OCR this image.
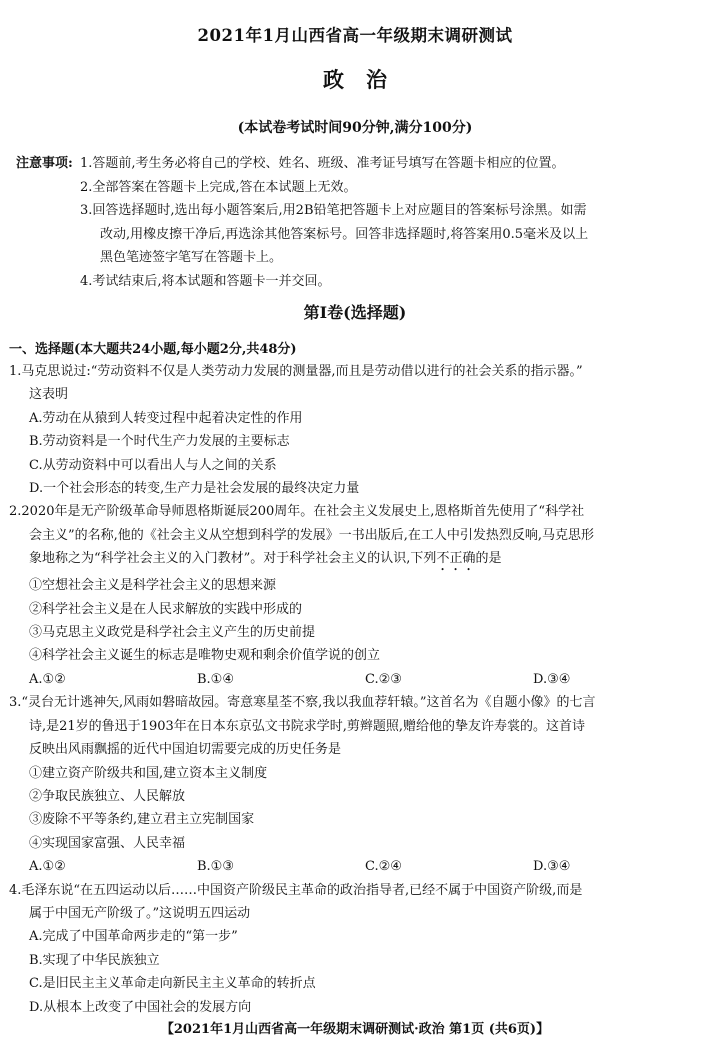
2021年1月山西省高一年级期末调研测试
政治
(本试卷考试时间90分钟,满分100分)
注意事项: 1.答题前,考生务必将自己的学校、姓名、班级、准考证号填写在答题卡相应的位置。
2.全部答案在答题卡上完成,答在本试题上无效。
3.回答选择题时,选出每小题答案后,用2B铅笔把答题卡上对应题目的答案标号涂黑。如需
改动,用橡皮擦干净后,再选涂其他答案标号。回答非选择题时,将答案用0.5毫米及以上
黑色笔迹签字笔写在答题卡上。
4.考试结束后,将本试题和答题卡一并交回。
第Ⅰ卷(选择题)
一、选择题(本大题共24小题,每小题2分,共48分)
1.马克思说过:“劳动资料不仅是人类劳动力发展的测量器,而且是劳动借以进行的社会关系的指示器。”
这表明
A.劳动在从猿到人转变过程中起着决定性的作用
B.劳动资料是一个时代生产力发展的主要标志
C.从劳动资料中可以看出人与人之间的关系
D.一个社会形态的转变,生产力是社会发展的最终决定力量
2.2020年是无产阶级革命导师恩格斯诞辰200周年。在社会主义发展史上,恩格斯首先使用了“科学社
会主义”的名称,他的《社会主义从空想到科学的发展》一书出版后,在工人中引发热烈反响,马克思形
象地称之为“科学社会主义的入门教材”。对于科学社会主义的认识,下列不正确的是
①空想社会主义是科学社会主义的思想来源
②科学社会主义是在人民求解放的实践中形成的
③马克思主义政党是科学社会主义产生的历史前提
④科学社会主义诞生的标志是唯物史观和剩余价值学说的创立
A.①②	B.①④	C.②③	D.③④
3.“灵台无计逃神矢,风雨如磐暗故园。寄意寒星荃不察,我以我血荐轩辕。”这首名为《自题小像》的七言
诗,是21岁的鲁迅于1903年在日本东京弘文书院求学时,剪辫题照,赠给他的挚友许寿裳的。这首诗
反映出风雨飘摇的近代中国迫切需要完成的历史任务是
①建立资产阶级共和国,建立资本主义制度
②争取民族独立、人民解放
③废除不平等条约,建立君主立宪制国家
④实现国家富强、人民幸福
A.①②	B.①③	C.②④	D.③④
4.毛泽东说“在五四运动以后……中国资产阶级民主革命的政治指导者,已经不属于中国资产阶级,而是
属于中国无产阶级了。”这说明五四运动
A.完成了中国革命两步走的“第一步”
B.实现了中华民族独立
C.是旧民主主义革命走向新民主主义革命的转折点
D.从根本上改变了中国社会的发展方向
【2021年1月山西省高一年级期末调研测试·政治 第1页 (共6页)】
